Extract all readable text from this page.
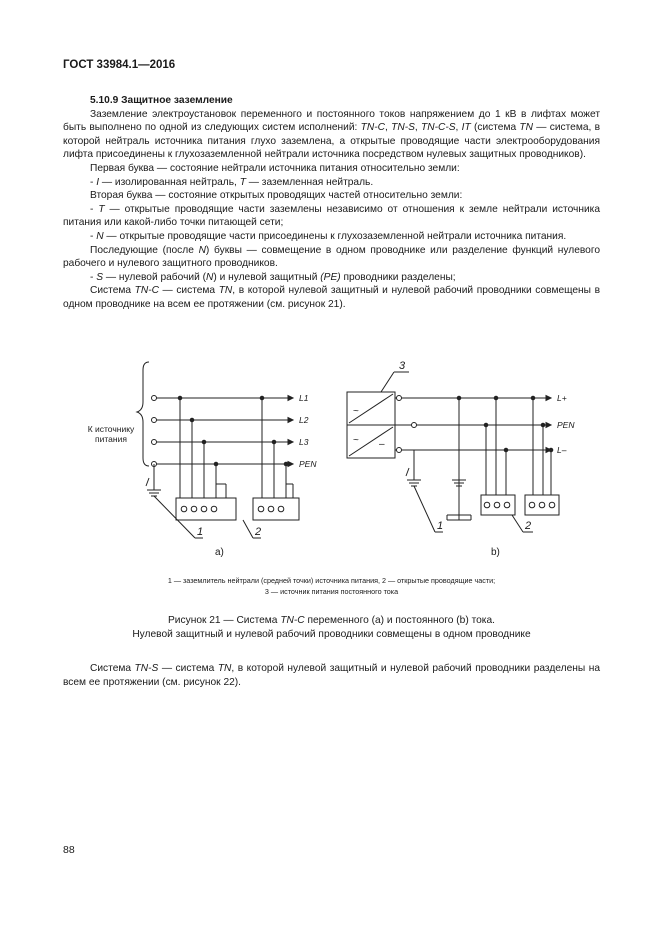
ГОСТ 33984.1—2016

5.10.9 Защитное заземление

Заземление электроустановок переменного и постоянного токов напряжением до 1 кВ в лифтах может быть выполнено по одной из следующих систем исполнений: TN-C, TN-S, TN-C-S, IT (система TN — система, в которой нейтраль источника питания глухо заземлена, а открытые проводящие части электрооборудования лифта присоединены к глухозаземленной нейтрали источника посредством нулевых защитных проводников).

Первая буква — состояние нейтрали источника питания относительно земли:

- I — изолированная нейтраль, T — заземленная нейтраль.

Вторая буква — состояние открытых проводящих частей относительно земли:

- T — открытые проводящие части заземлены независимо от отношения к земле нейтрали источника питания или какой-либо точки питающей сети;

- N — открытые проводящие части присоединены к глухозаземленной нейтрали источника питания.

Последующие (после N) буквы — совмещение в одном проводнике или разделение функций нулевого рабочего и нулевого защитного проводников.

- S — нулевой рабочий (N) и нулевой защитный (PE) проводники разделены;

Система TN-C — система TN, в которой нулевой защитный и нулевой рабочий проводники совмещены в одном проводнике на всем ее протяжении (см. рисунок 21).

~
–
~
К источнику
питания
L1
L2
L3
PEN
1	2
a)
3
L+
PEN
L–
1	2
b)
1 — заземлитель нейтрали (средней точки) источника питания, 2 — открытые проводящие части;
3 — источник питания постоянного тока
Рисунок 21 — Система TN-C переменного (a) и постоянного (b) тока.
Нулевой защитный и нулевой рабочий проводники совмещены в одном проводнике

Система TN-S — система TN, в которой нулевой защитный и нулевой рабочий проводники разделены на всем ее протяжении (см. рисунок 22).

88
